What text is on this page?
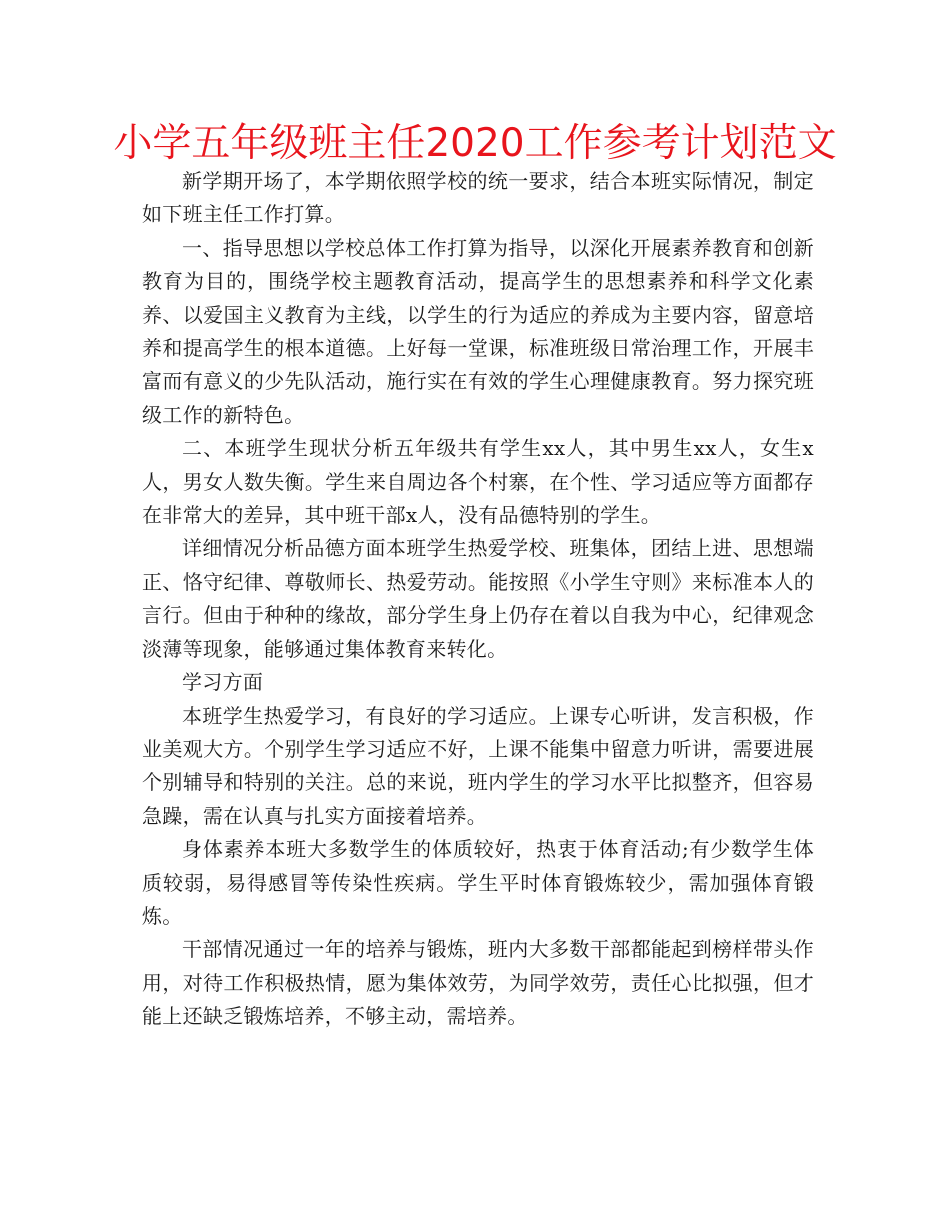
小学五年级班主任2020工作参考计划范文

新学期开场了，本学期依照学校的统一要求，结合本班实际情况，制定如下班主任工作打算。

一、指导思想以学校总体工作打算为指导，以深化开展素养教育和创新教育为目的，围绕学校主题教育活动，提高学生的思想素养和科学文化素养、以爱国主义教育为主线，以学生的行为适应的养成为主要内容，留意培养和提高学生的根本道德。上好每一堂课，标准班级日常治理工作，开展丰富而有意义的少先队活动，施行实在有效的学生心理健康教育。努力探究班级工作的新特色。

二、本班学生现状分析五年级共有学生xx人，其中男生xx人，女生x人，男女人数失衡。学生来自周边各个村寨，在个性、学习适应等方面都存在非常大的差异，其中班干部x人，没有品德特别的学生。

详细情况分析品德方面本班学生热爱学校、班集体，团结上进、思想端正、恪守纪律、尊敬师长、热爱劳动。能按照《小学生守则》来标准本人的言行。但由于种种的缘故，部分学生身上仍存在着以自我为中心，纪律观念淡薄等现象，能够通过集体教育来转化。

学习方面

本班学生热爱学习，有良好的学习适应。上课专心听讲，发言积极，作业美观大方。个别学生学习适应不好，上课不能集中留意力听讲，需要进展个别辅导和特别的关注。总的来说，班内学生的学习水平比拟整齐，但容易急躁，需在认真与扎实方面接着培养。

身体素养本班大多数学生的体质较好，热衷于体育活动;有少数学生体质较弱，易得感冒等传染性疾病。学生平时体育锻炼较少，需加强体育锻炼。

干部情况通过一年的培养与锻炼，班内大多数干部都能起到榜样带头作用，对待工作积极热情，愿为集体效劳，为同学效劳，责任心比拟强，但才能上还缺乏锻炼培养，不够主动，需培养。
